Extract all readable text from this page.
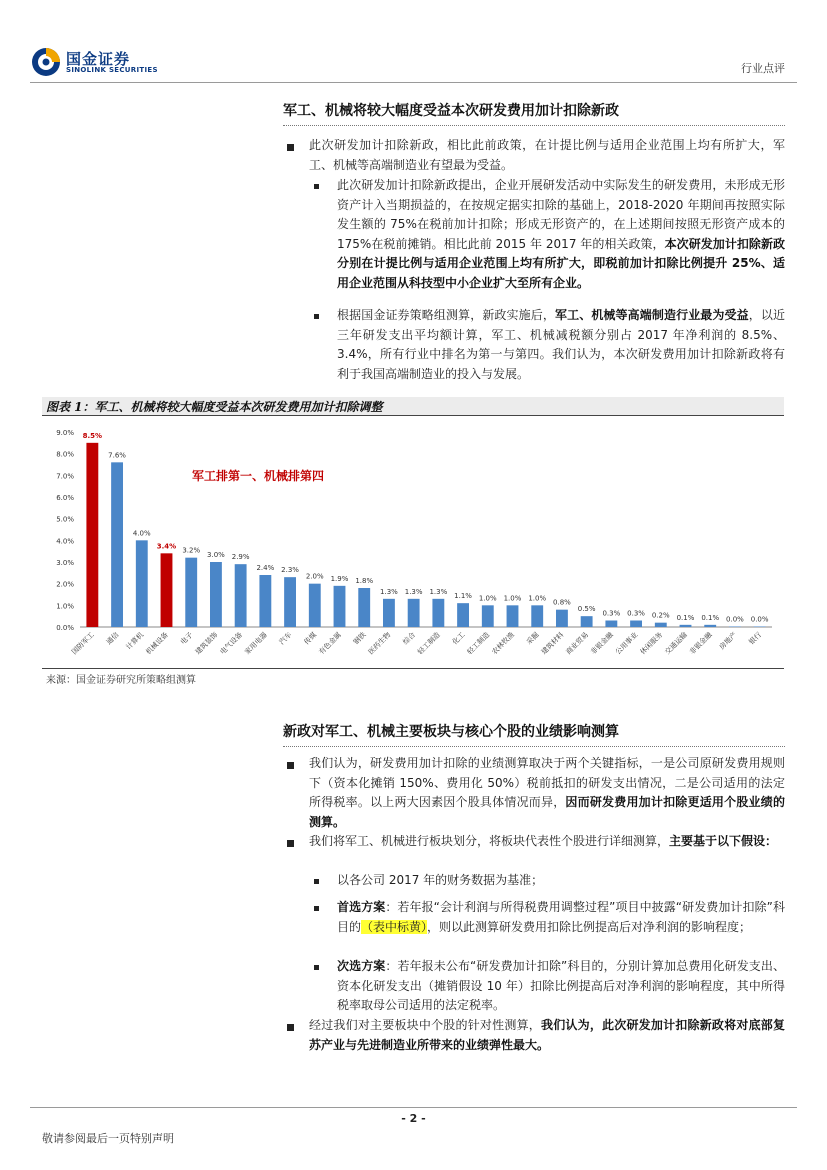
国金证券
SINOLINK SECURITIES	行业点评
军工、机械将较大幅度受益本次研发费用加计扣除新政
此次研发加计扣除新政，相比此前政策，在计提比例与适用企业范围上均有所扩大，军工、机械等高端制造业有望最为受益。
此次研发加计扣除新政提出，企业开展研发活动中实际发生的研发费用，未形成无形资产计入当期损益的，在按规定据实扣除的基础上，2018-2020 年期间再按照实际发生额的 75%在税前加计扣除；形成无形资产的，在上述期间按照无形资产成本的 175%在税前摊销。相比此前 2015 年 2017 年的相关政策，本次研发加计扣除新政分别在计提比例与适用企业范围上均有所扩大，即税前加计扣除比例提升 25%、适用企业范围从科技型中小企业扩大至所有企业。
根据国金证券策略组测算，新政实施后，军工、机械等高端制造行业最为受益，以近三年研发支出平均额计算，军工、机械减税额分别占 2017 年净利润的 8.5%、3.4%，所有行业中排名为第一与第四。我们认为，本次研发费用加计扣除新政将有利于我国高端制造业的投入与发展。
图表 1：军工、机械将较大幅度受益本次研发费用加计扣除调整
0.0%
1.0%
2.0%
3.0%
4.0%
5.0%
6.0%
7.0%
8.0%
9.0% 8.5%
7.6%
4.0%
3.4%
3.2%
3.0% 2.9%
2.4% 2.3%
2.0% 1.9% 1.8%
1.3% 1.3% 1.3%
1.1% 1.0% 1.0% 1.0%
0.8%
0.5%
0.3% 0.3% 0.2% 0.1% 0.1% 0.0% 0.0%
国防军工 通信 计算机 机械设备 电子 建筑装饰 电气设备 家用电器 汽车 传媒 有色金属 钢铁 医药生物 综合 轻工制造 化工 轻工制造 农林牧渔 采掘 建筑材料 商业贸易 非银金融 公用事业 休闲服务 交通运输 非银金融 房地产 银行
军工排第一、机械排第四
来源：国金证券研究所策略组测算
新政对军工、机械主要板块与核心个股的业绩影响测算
我们认为，研发费用加计扣除的业绩测算取决于两个关键指标，一是公司原研发费用规则下（资本化摊销 150%、费用化 50%）税前抵扣的研发支出情况，二是公司适用的法定所得税率。以上两大因素因个股具体情况而异，因而研发费用加计扣除更适用个股业绩的测算。
我们将军工、机械进行板块划分，将板块代表性个股进行详细测算，主要基于以下假设：
以各公司 2017 年的财务数据为基准；
首选方案：若年报“会计利润与所得税费用调整过程”项目中披露“研发费加计扣除”科目的（表中标黄），则以此测算研发费用扣除比例提高后对净利润的影响程度；
次选方案：若年报未公布“研发费加计扣除”科目的，分别计算加总费用化研发支出、资本化研发支出（摊销假设 10 年）扣除比例提高后对净利润的影响程度，其中所得税率取母公司适用的法定税率。
经过我们对主要板块中个股的针对性测算，我们认为，此次研发加计扣除新政将对底部复苏产业与先进制造业所带来的业绩弹性最大。
- 2 -
敬请参阅最后一页特别声明
